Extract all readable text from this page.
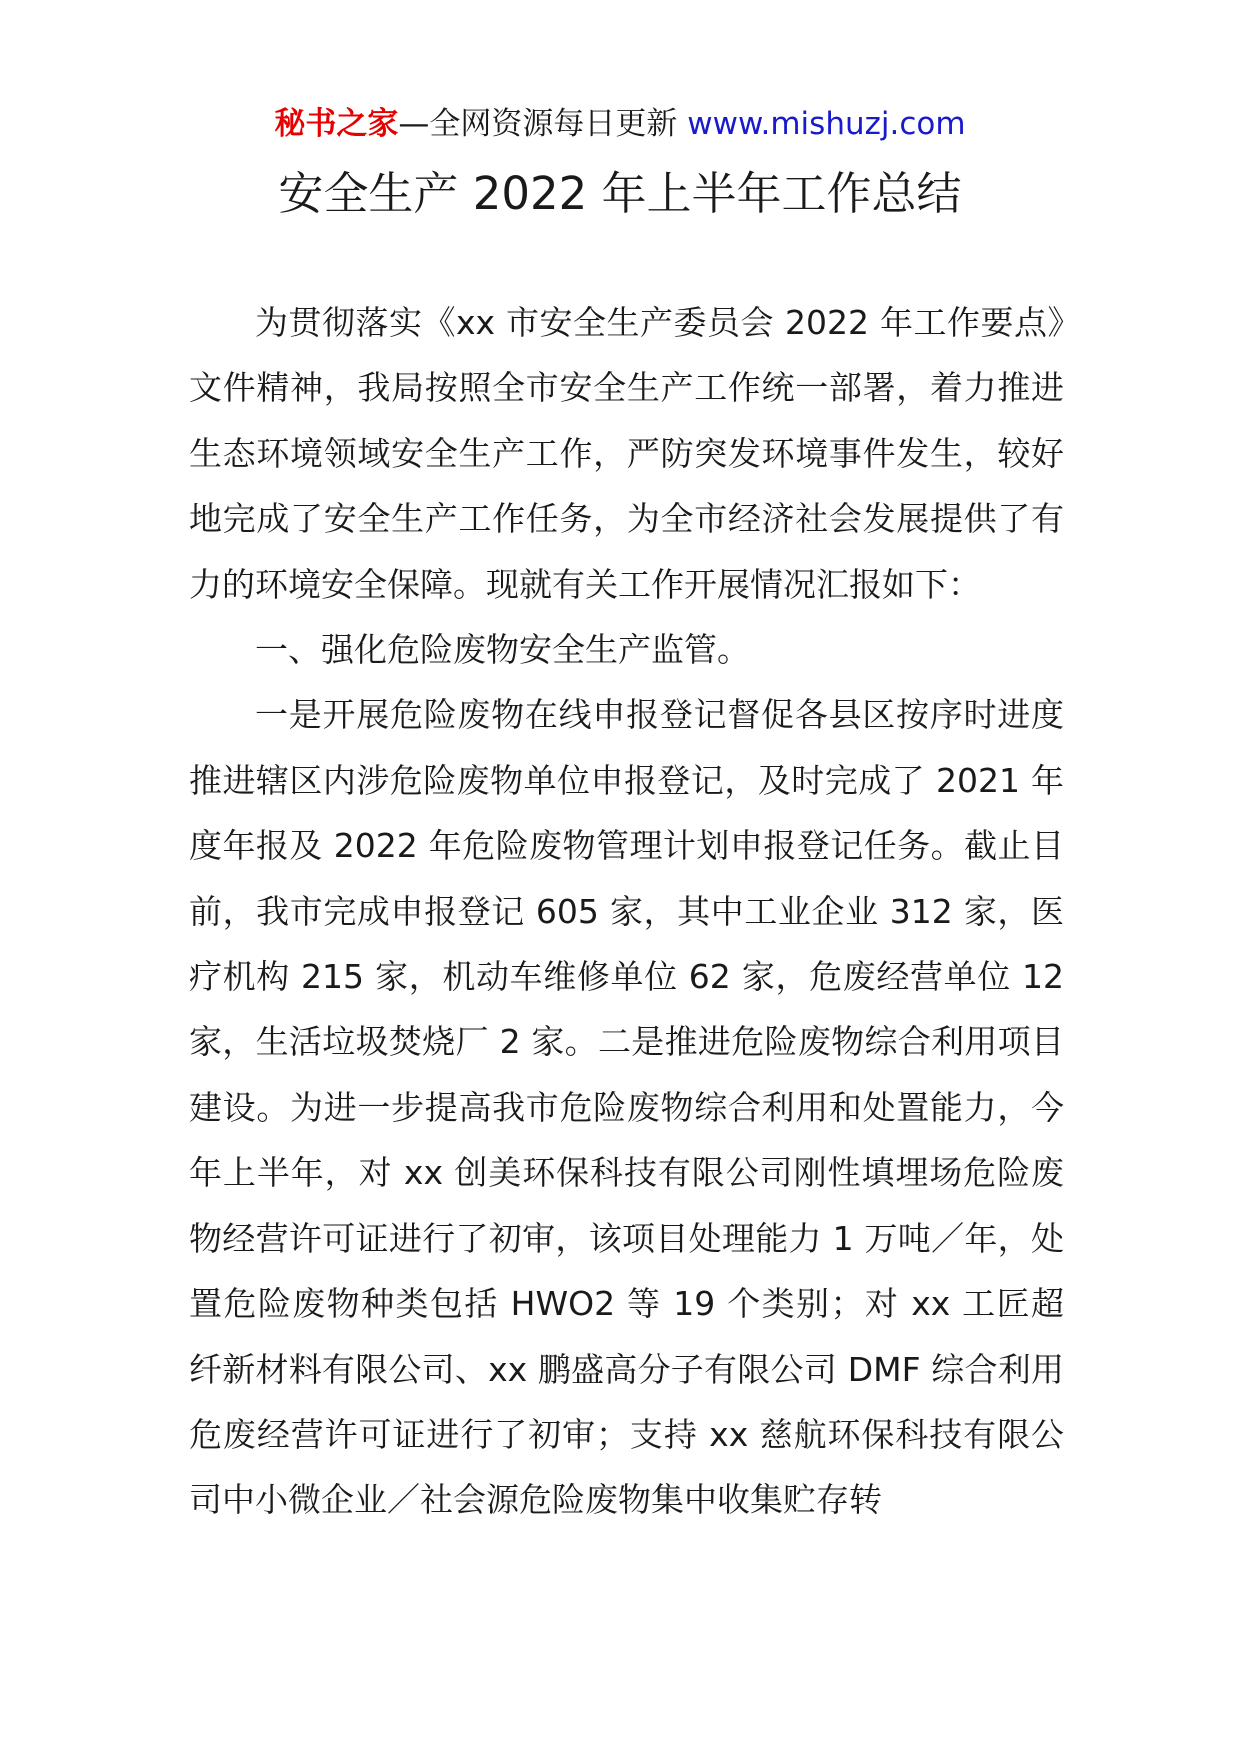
秘书之家—全网资源每日更新 www.mishuzj.com
安全生产 2022 年上半年工作总结

为贯彻落实《xx 市安全生产委员会 2022 年工作要点》文件精神，我局按照全市安全生产工作统一部署，着力推进生态环境领域安全生产工作，严防突发环境事件发生，较好地完成了安全生产工作任务，为全市经济社会发展提供了有力的环境安全保障。现就有关工作开展情况汇报如下：

一、强化危险废物安全生产监管。

一是开展危险废物在线申报登记督促各县区按序时进度推进辖区内涉危险废物单位申报登记，及时完成了 2021 年度年报及 2022 年危险废物管理计划申报登记任务。截止目前，我市完成申报登记 605 家，其中工业企业 312 家，医疗机构 215 家，机动车维修单位 62 家，危废经营单位 12 家，生活垃圾焚烧厂 2 家。二是推进危险废物综合利用项目建设。为进一步提高我市危险废物综合利用和处置能力，今年上半年，对 xx 创美环保科技有限公司刚性填埋场危险废物经营许可证进行了初审，该项目处理能力 1 万吨／年，处置危险废物种类包括 HWO2 等 19 个类别；对 xx 工匠超纤新材料有限公司、xx 鹏盛高分子有限公司 DMF 综合利用危废经营许可证进行了初审；支持 xx 慈航环保科技有限公司中小微企业／社会源危险废物集中收集贮存转
